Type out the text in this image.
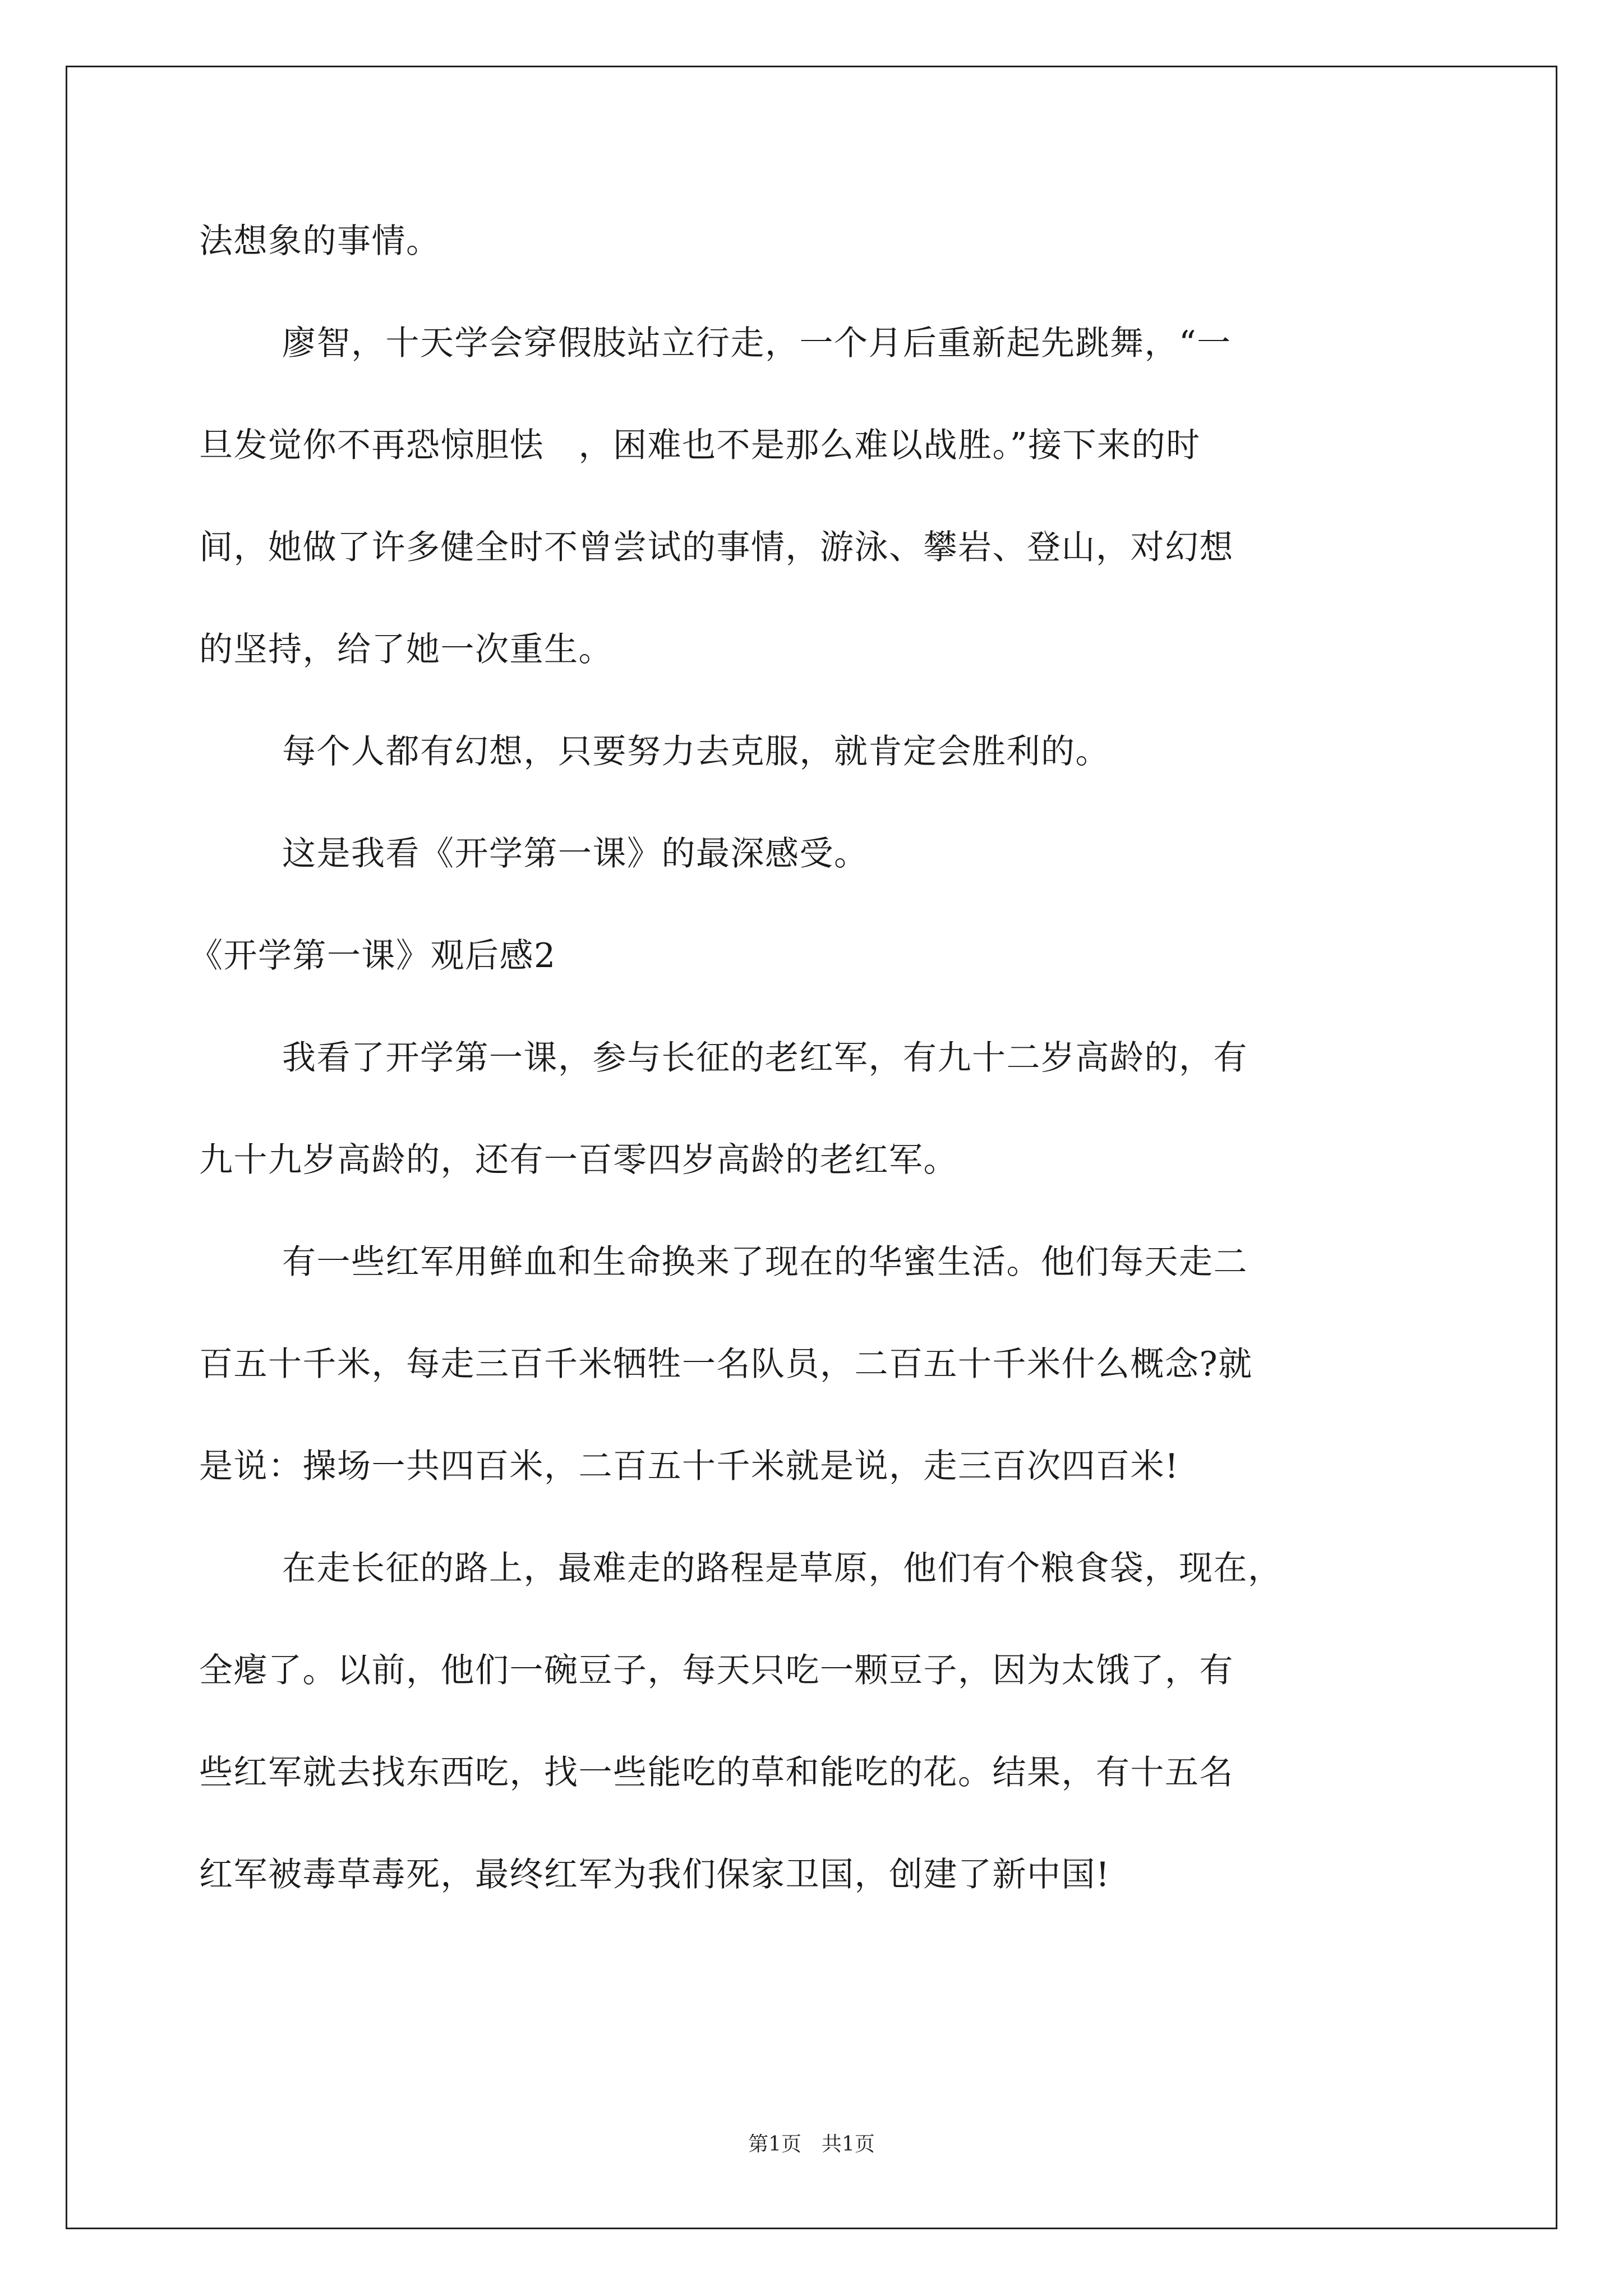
法想象的事情。
廖智，十天学会穿假肢站立行走，一个月后重新起先跳舞，“一
旦发觉你不再恐惊胆怯　，困难也不是那么难以战胜。”接下来的时
间，她做了许多健全时不曾尝试的事情，游泳、攀岩、登山，对幻想
的坚持，给了她一次重生。
每个人都有幻想，只要努力去克服，就肯定会胜利的。
这是我看《开学第一课》的最深感受。
《开学第一课》观后感2
我看了开学第一课，参与长征的老红军，有九十二岁高龄的，有
九十九岁高龄的，还有一百零四岁高龄的老红军。
有一些红军用鲜血和生命换来了现在的华蜜生活。他们每天走二
百五十千米，每走三百千米牺牲一名队员，二百五十千米什么概念?就
是说：操场一共四百米，二百五十千米就是说，走三百次四百米!
在走长征的路上，最难走的路程是草原，他们有个粮食袋，现在，
全瘪了。以前，他们一碗豆子，每天只吃一颗豆子，因为太饿了，有
些红军就去找东西吃，找一些能吃的草和能吃的花。结果，有十五名
红军被毒草毒死，最终红军为我们保家卫国，创建了新中国!
第1页　共1页
